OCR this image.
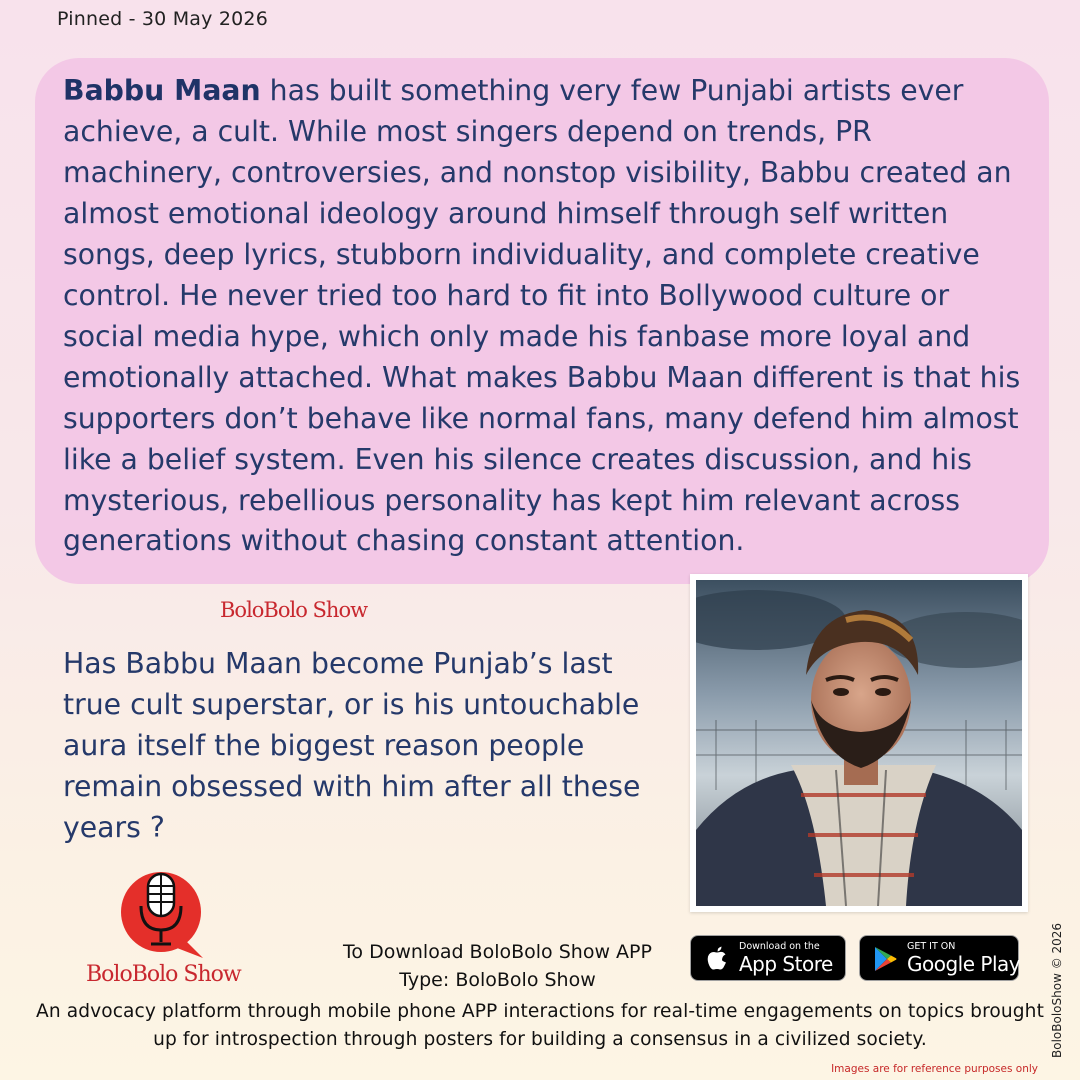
Pinned - 30 May 2026

Babbu Maan has built something very few Punjabi artists ever achieve, a cult. While most singers depend on trends, PR machinery, controversies, and nonstop visibility, Babbu created an almost emotional ideology around himself through self written songs, deep lyrics, stubborn individuality, and complete creative control. He never tried too hard to fit into Bollywood culture or social media hype, which only made his fanbase more loyal and emotionally attached. What makes Babbu Maan different is that his supporters don’t behave like normal fans, many defend him almost like a belief system. Even his silence creates discussion, and his mysterious, rebellious personality has kept him relevant across generations without chasing constant attention.

BoloBolo Show

Has Babbu Maan become Punjab’s last true cult superstar, or is his untouchable aura itself the biggest reason people remain obsessed with him after all these years ?

BoloBolo Show
To Download BoloBolo Show APP
Type: BoloBolo Show
Download on the
App Store
GET IT ON
Google Play

An advocacy platform through mobile phone APP interactions for real-time engagements on topics brought up for introspection through posters for building a consensus in a civilized society.	BoloBoloShow © 2026
Images are for reference purposes only
